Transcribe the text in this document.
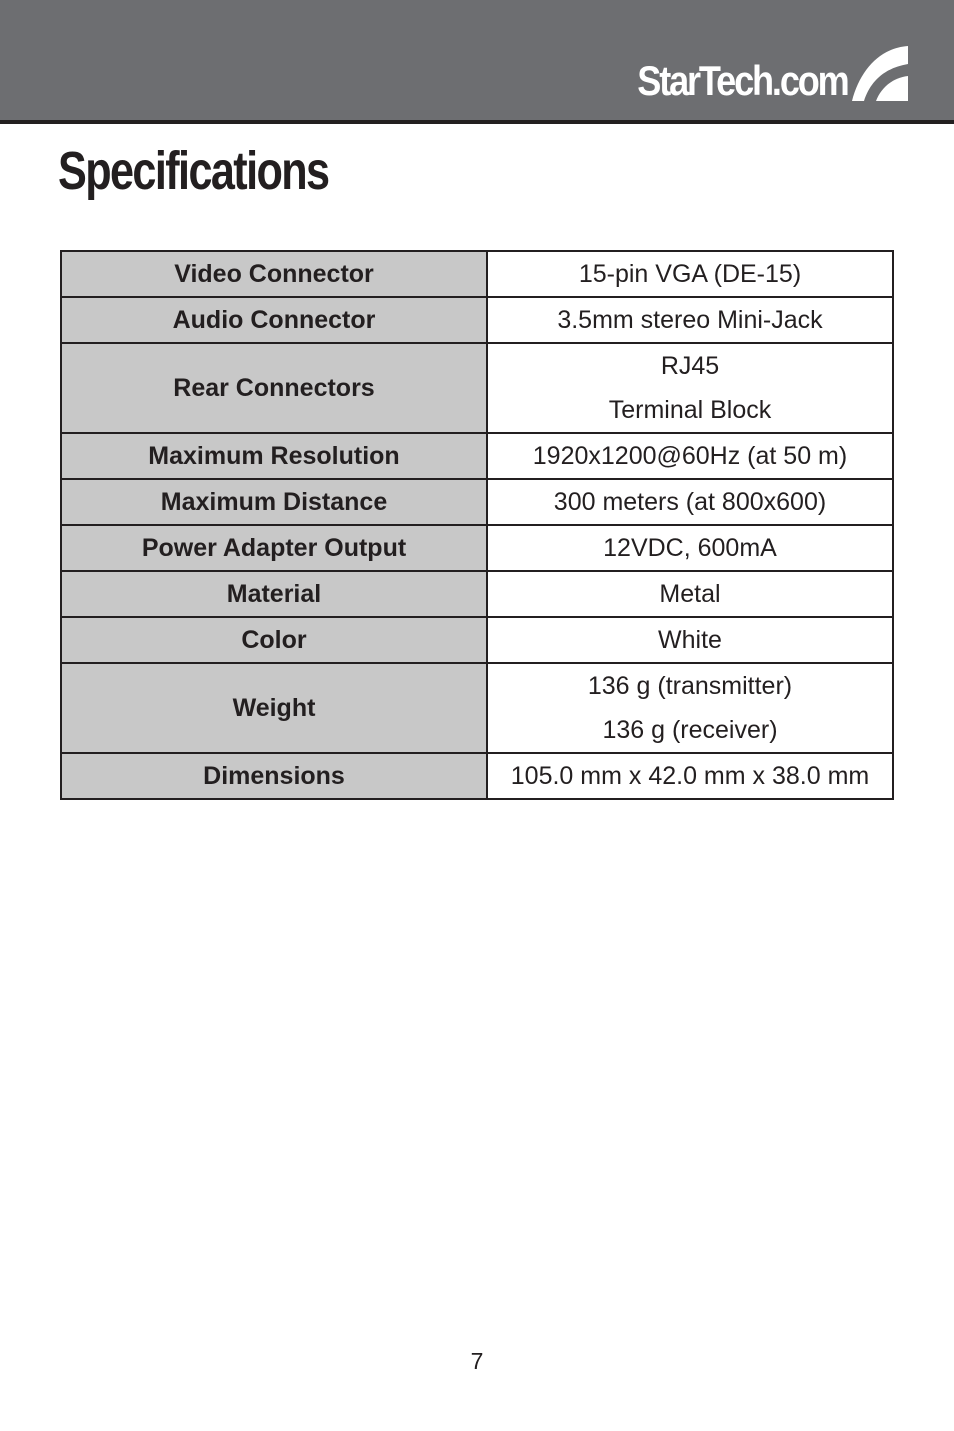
StarTech.com
Specifications
Video Connector	15-pin VGA (DE-15)

Audio Connector	3.5mm stereo Mini-Jack

Rear Connectors	RJ45
Terminal Block

Maximum Resolution	1920x1200@60Hz (at 50 m)

Maximum Distance	300 meters (at 800x600)

Power Adapter Output	12VDC, 600mA

Material	Metal

Color	White

Weight	136 g (transmitter)
136 g (receiver)

Dimensions	105.0 mm x 42.0 mm x 38.0 mm
7
